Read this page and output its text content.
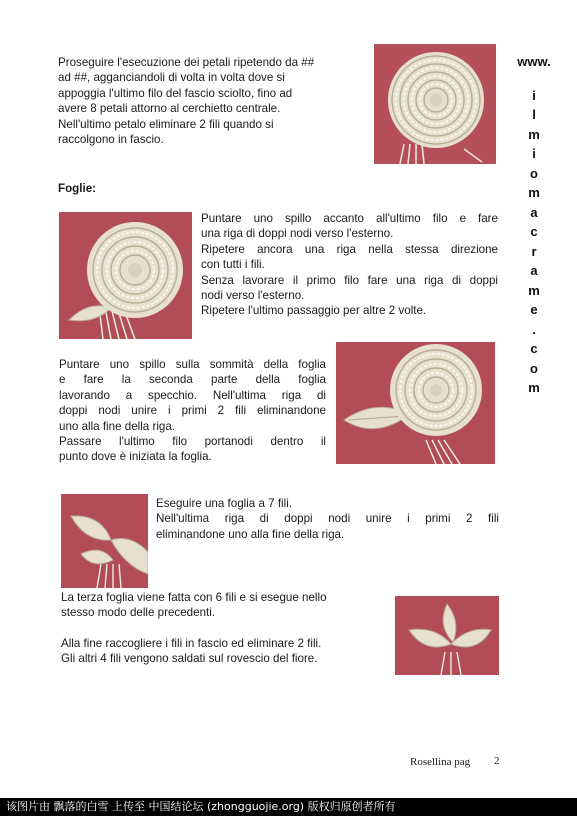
Proseguire l'esecuzione dei petali ripetendo da ##
ad ##, agganciandoli di volta in volta dove si
appoggia l'ultimo filo del fascio sciolto, fino ad
avere 8 petali attorno al cerchietto centrale.
Nell'ultimo petalo eliminare 2 fili quando si
raccolgono in fascio.
www.
i
l
m
i
o
m
a
c
r
a
m
e
.
c
o
m
Foglie:
Puntare uno spillo accanto all'ultimo filo e fare
una riga di doppi nodi verso l'esterno.
Ripetere ancora una riga nella stessa direzione
con tutti i fili.
Senza lavorare il primo filo fare una riga di doppi
nodi verso l'esterno.
Ripetere l'ultimo passaggio per altre 2 volte.
Puntare uno spillo sulla sommità della foglia
e fare la seconda parte della foglia
lavorando a specchio. Nell'ultima riga di
doppi nodi unire i primi 2 fili eliminandone
uno alla fine della riga.
Passare l'ultimo filo portanodi dentro il
punto dove è iniziata la foglia.
Eseguire una foglia a 7 fili.
Nell'ultima riga di doppi nodi unire i primi 2 fili
eliminandone uno alla fine della riga.
La terza foglia viene fatta con 6 fili e si esegue nello
stesso modo delle precedenti.
Alla fine raccogliere i fili in fascio ed eliminare 2 fili.
Gli altri 4 fili vengono saldati sul rovescio del fiore.
Rosellina pag 2
该图片由 飘落的白雪 上传至 中国结论坛 (zhongguojie.org) 版权归原创者所有
